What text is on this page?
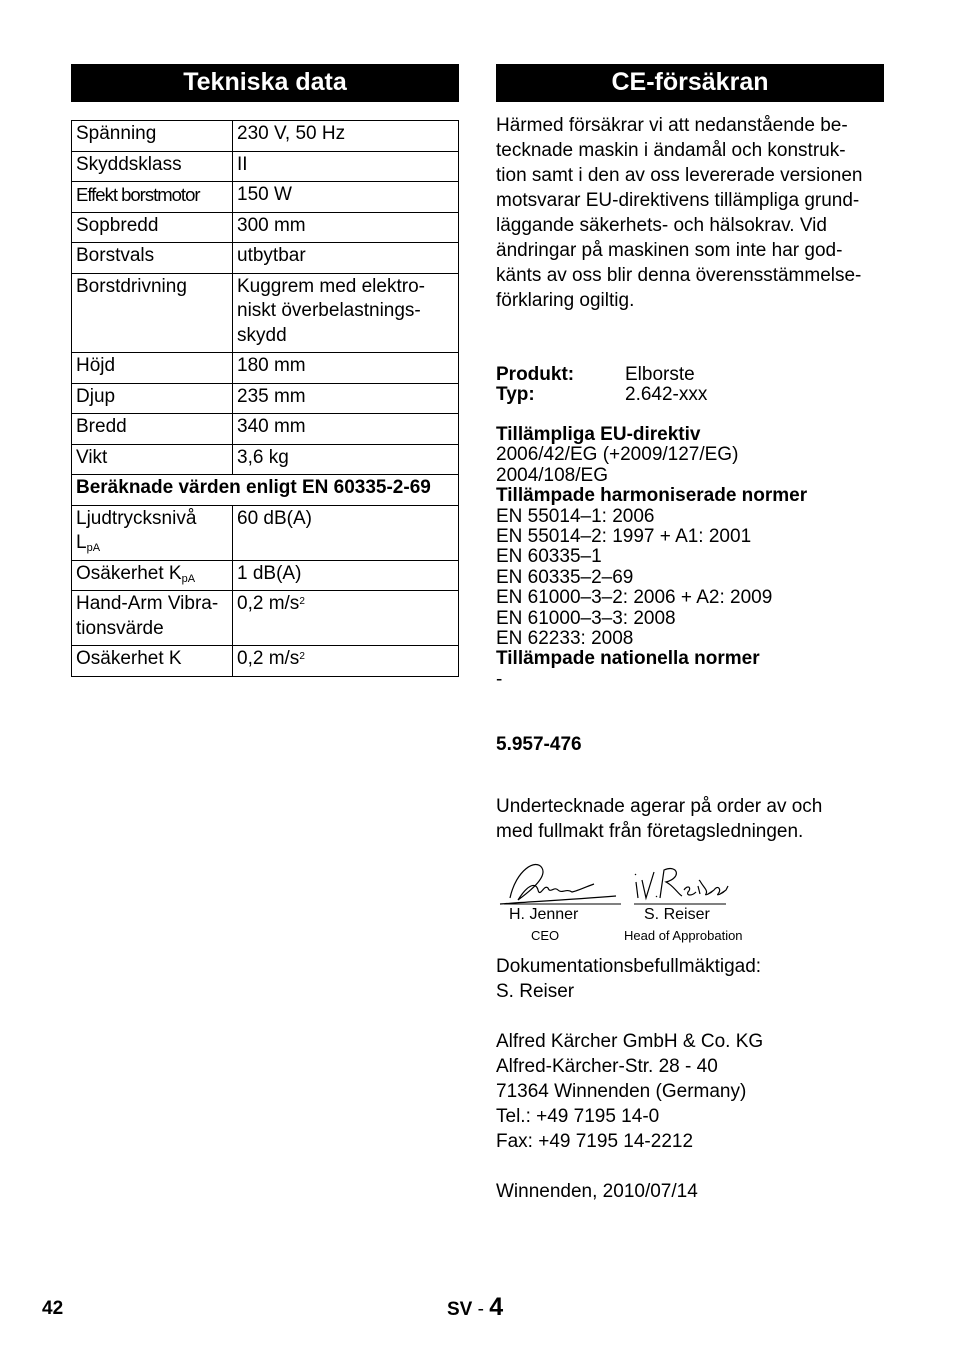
Tekniska data
Spänning	230 V, 50 Hz
Skyddsklass	II
Effekt borstmotor	150 W
Sopbredd	300 mm
Borstvals	utbytbar
Borstdrivning	Kuggrem med elektro-
niskt överbelastnings-
skydd

Höjd	180 mm
Djup	235 mm
Bredd	340 mm
Vikt	3,6 kg
Beräknade värden enligt EN 60335-2-69	

Ljudtrycksnivå
$L_{pA}$	60 dB(A)
Osäkerhet $K_{pA}$	1 dB(A)

Hand-Arm Vibra-
tionsvärde	0,2 $m/s^2$
Osäkerhet K	0,2 $m/s^2$
CE-försäkran
Härmed försäkrar vi att nedanstående be-
tecknade maskin i ändamål och konstruk-
tion samt i den av oss levererade versionen
motsvarar EU-direktivens tillämpliga grund-
läggande säkerhets- och hälsokrav. Vid
ändringar på maskinen som inte har god-
känts av oss blir denna överensstämmelse-
förklaring ogiltig.
Produkt:	Elborste
Typ:	2.642-xxx
Tillämpliga EU-direktiv
2006/42/EG (+2009/127/EG)
2004/108/EG
Tillämpade harmoniserade normer
EN 55014–1: 2006
EN 55014–2: 1997 + A1: 2001
EN 60335–1
EN 60335–2–69
EN 61000–3–2: 2006 + A2: 2009
EN 61000–3–3: 2008
EN 62233: 2008
Tillämpade nationella normer
-
5.957-476
Undertecknade agerar på order av och
med fullmakt från företagsledningen.
H. Jenner
CEO
S. Reiser
Head of Approbation
Dokumentationsbefullmäktigad:
S. Reiser
Alfred Kärcher GmbH & Co. KG
Alfred-Kärcher-Str. 28 - 40
71364 Winnenden (Germany)
Tel.: +49 7195 14-0
Fax: +49 7195 14-2212
Winnenden, 2010/07/14
42	SV - 4
